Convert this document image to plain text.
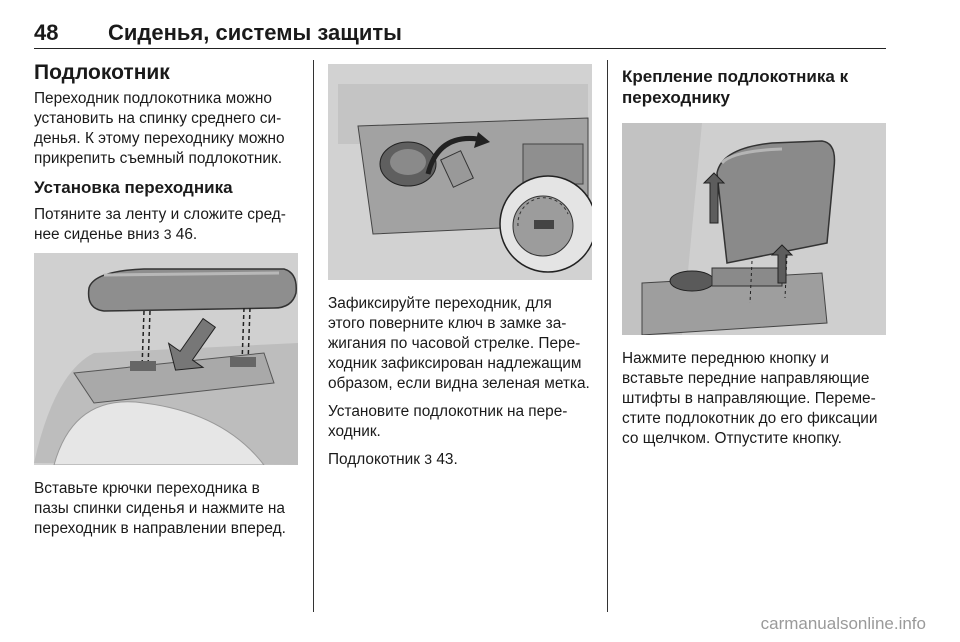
48 Сиденья, системы защиты
Подлокотник

Переходник подлокотника можно установить на спинку среднего си-денья. К этому переходнику можно прикрепить съемный подлокотник.

Установка переходника

Потяните за ленту и сложите сред-нее сиденье вниз 3 46.

Вставьте крючки переходника в пазы спинки сиденья и нажмите на переходник в направлении вперед.

Зафиксируйте переходник, для этого поверните ключ в замке за-жигания по часовой стрелке. Пере-ходник зафиксирован надлежащим образом, если видна зеленая метка.

Установите подлокотник на пере-ходник.

Подлокотник 3 43.

Крепление подлокотника к переходнику

Нажмите переднюю кнопку и вставьте передние направляющие штифты в направляющие. Переме-стите подлокотник до его фиксации со щелчком. Отпустите кнопку.

carmanualsonline.info
